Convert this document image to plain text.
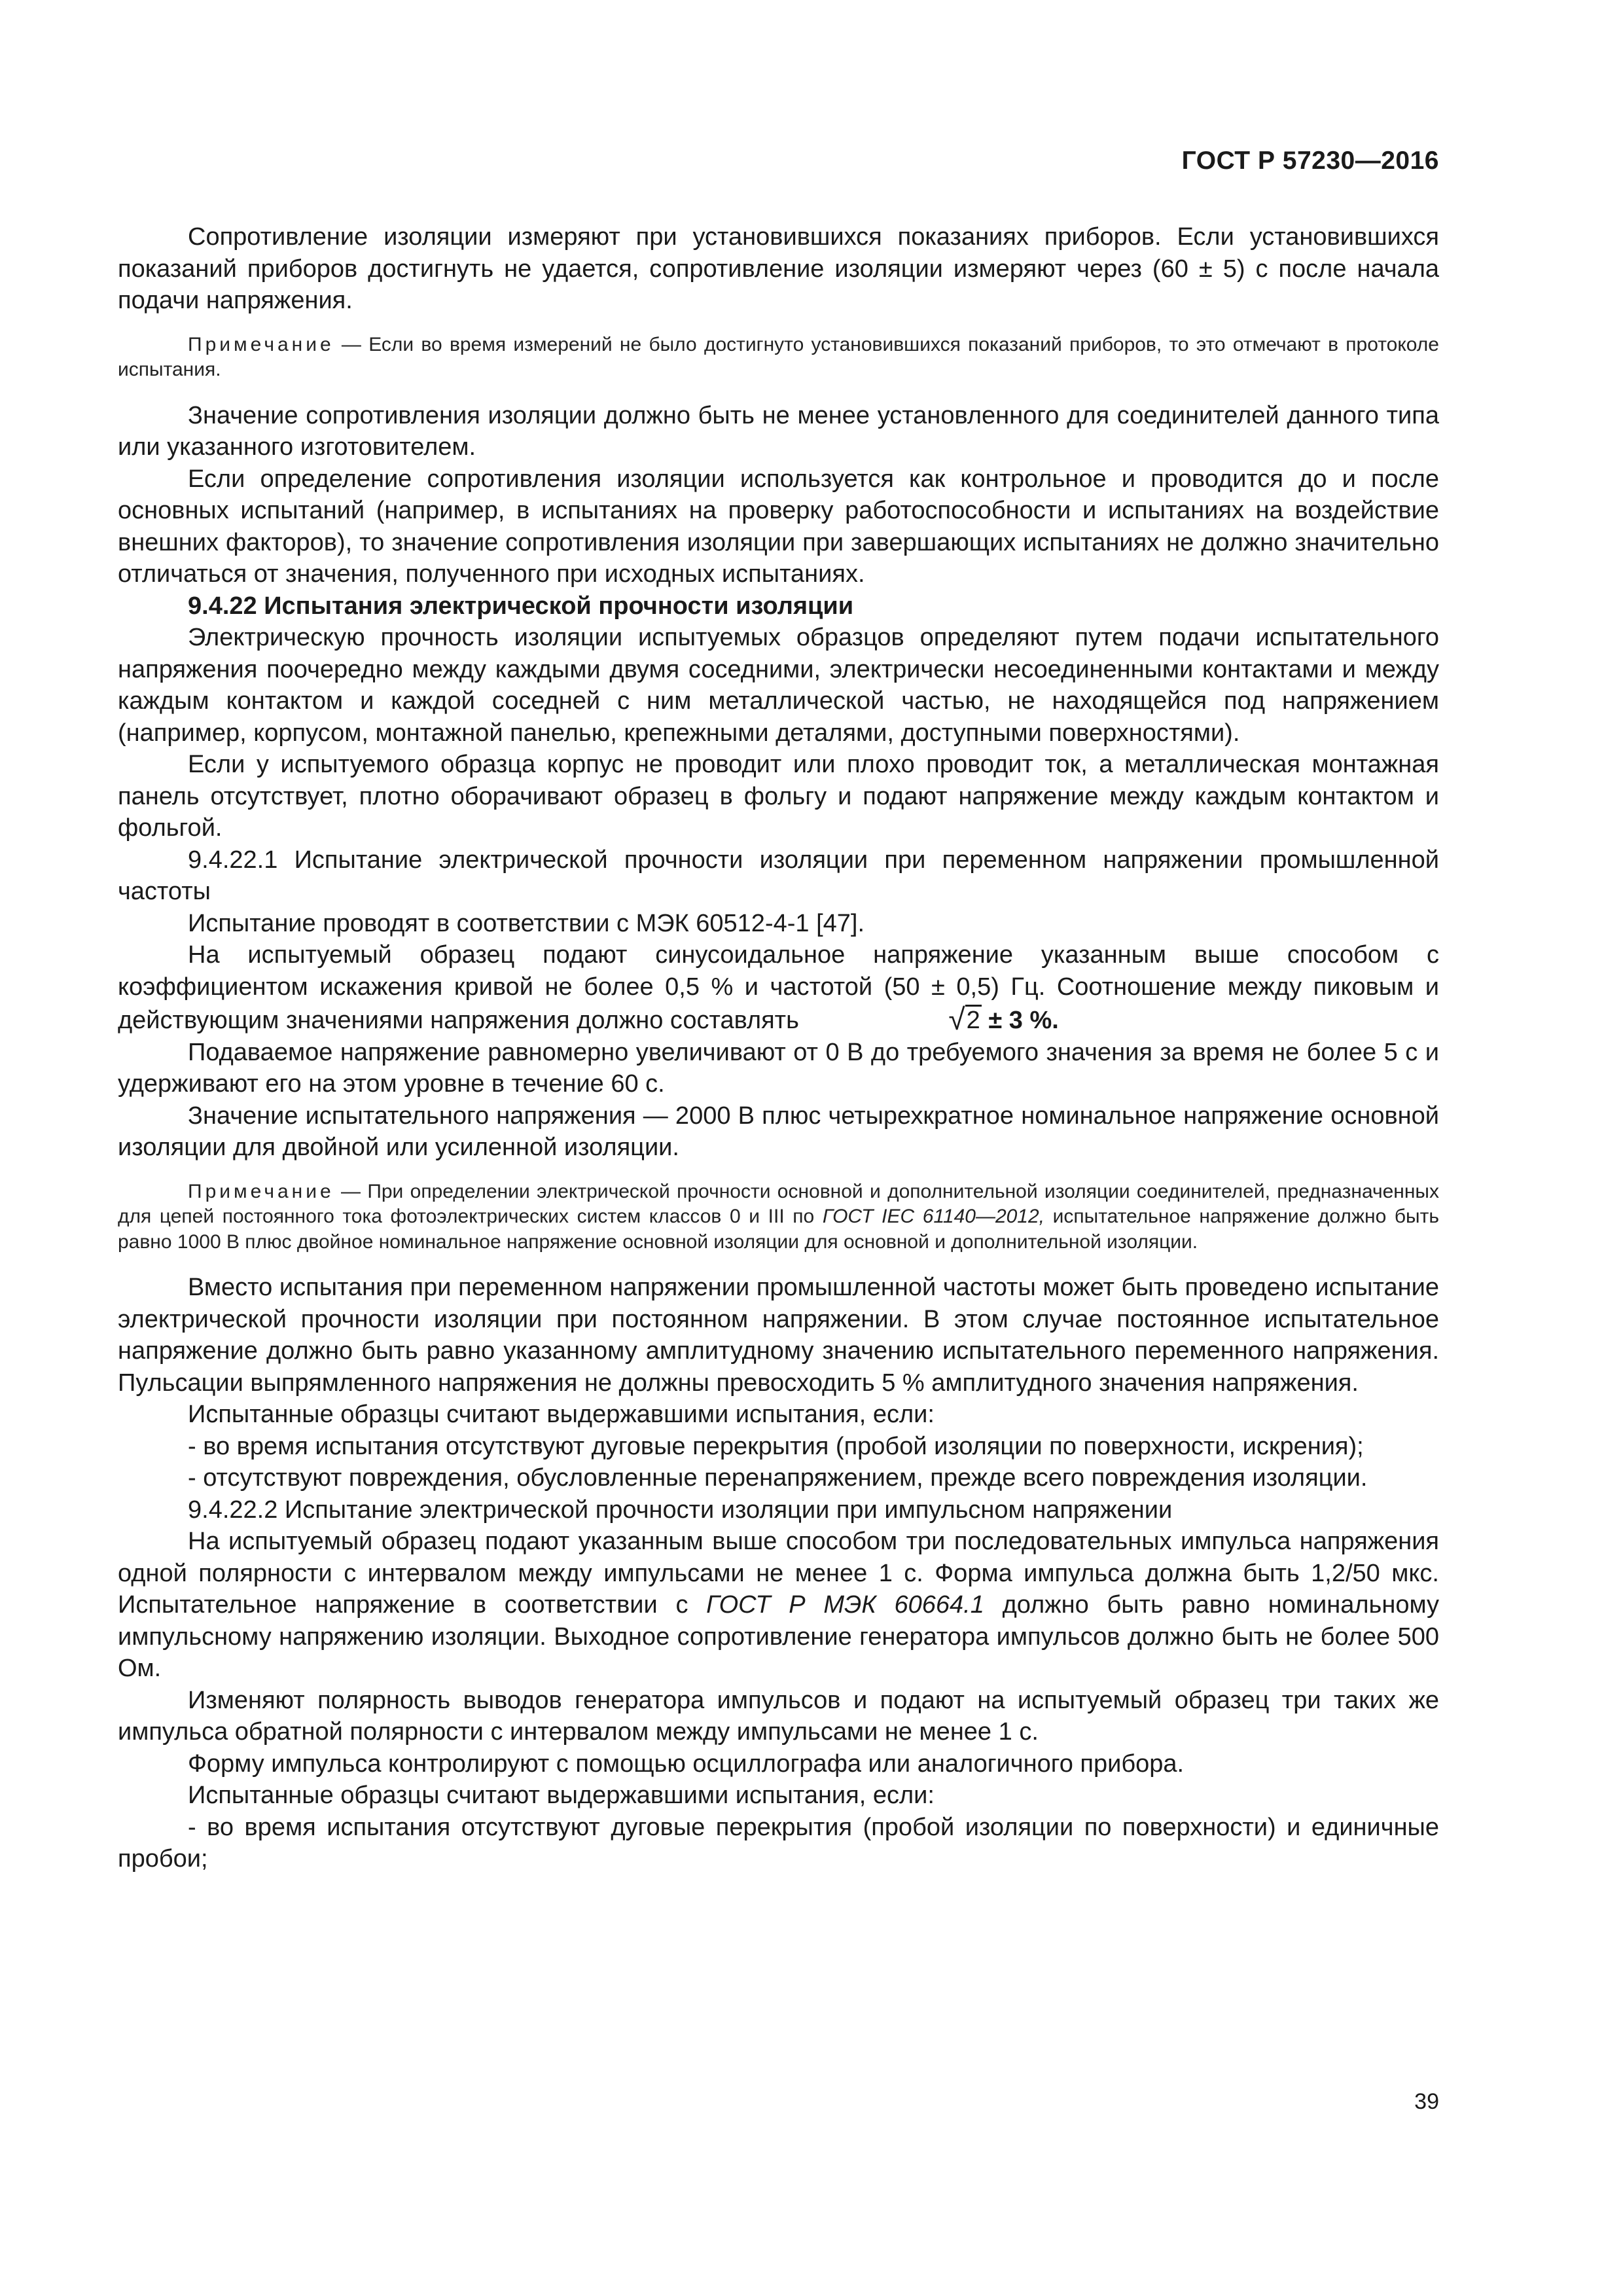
ГОСТ Р 57230—2016

Сопротивление изоляции измеряют при установившихся показаниях приборов. Если установившихся показаний приборов достигнуть не удается, сопротивление изоляции измеряют через (60 ± 5) с после начала подачи напряжения.

Примечание — Если во время измерений не было достигнуто установившихся показаний приборов, то это отмечают в протоколе испытания.

Значение сопротивления изоляции должно быть не менее установленного для соединителей данного типа или указанного изготовителем.

Если определение сопротивления изоляции используется как контрольное и проводится до и после основных испытаний (например, в испытаниях на проверку работоспособности и испытаниях на воздействие внешних факторов), то значение сопротивления изоляции при завершающих испытаниях не должно значительно отличаться от значения, полученного при исходных испытаниях.

9.4.22 Испытания электрической прочности изоляции

Электрическую прочность изоляции испытуемых образцов определяют путем подачи испытательного напряжения поочередно между каждыми двумя соседними, электрически несоединенными контактами и между каждым контактом и каждой соседней с ним металлической частью, не находящейся под напряжением (например, корпусом, монтажной панелью, крепежными деталями, доступными поверхностями).

Если у испытуемого образца корпус не проводит или плохо проводит ток, а металлическая монтажная панель отсутствует, плотно оборачивают образец в фольгу и подают напряжение между каждым контактом и фольгой.

9.4.22.1 Испытание электрической прочности изоляции при переменном напряжении промышленной частоты

Испытание проводят в соответствии с МЭК 60512-4-1 [47].

На испытуемый образец подают синусоидальное напряжение указанным выше способом с коэффициентом искажения кривой не более 0,5 % и частотой (50 ± 0,5) Гц. Соотношение между пиковым и действующим значениями напряжения должно составлять	√2 ± 3 %.

Подаваемое напряжение равномерно увеличивают от 0 В до требуемого значения за время не более 5 с и удерживают его на этом уровне в течение 60 с.

Значение испытательного напряжения — 2000 В плюс четырехкратное номинальное напряжение основной изоляции для двойной или усиленной изоляции.

Примечание — При определении электрической прочности основной и дополнительной изоляции соединителей, предназначенных для цепей постоянного тока фотоэлектрических систем классов 0 и III по ГОСТ IEC 61140—2012, испытательное напряжение должно быть равно 1000 В плюс двойное номинальное напряжение основной изоляции для основной и дополнительной изоляции.

Вместо испытания при переменном напряжении промышленной частоты может быть проведено испытание электрической прочности изоляции при постоянном напряжении. В этом случае постоянное испытательное напряжение должно быть равно указанному амплитудному значению испытательного переменного напряжения. Пульсации выпрямленного напряжения не должны превосходить 5 % амплитудного значения напряжения.

Испытанные образцы считают выдержавшими испытания, если:

- во время испытания отсутствуют дуговые перекрытия (пробой изоляции по поверхности, искрения);

- отсутствуют повреждения, обусловленные перенапряжением, прежде всего повреждения изоляции.

9.4.22.2 Испытание электрической прочности изоляции при импульсном напряжении

На испытуемый образец подают указанным выше способом три последовательных импульса напряжения одной полярности с интервалом между импульсами не менее 1 с. Форма импульса должна быть 1,2/50 мкс. Испытательное напряжение в соответствии с ГОСТ Р МЭК 60664.1 должно быть равно номинальному импульсному напряжению изоляции. Выходное сопротивление генератора импульсов должно быть не более 500 Ом.

Изменяют полярность выводов генератора импульсов и подают на испытуемый образец три таких же импульса обратной полярности с интервалом между импульсами не менее 1 с.

Форму импульса контролируют с помощью осциллографа или аналогичного прибора.

Испытанные образцы считают выдержавшими испытания, если:

- во время испытания отсутствуют дуговые перекрытия (пробой изоляции по поверхности) и единичные пробои;

39
